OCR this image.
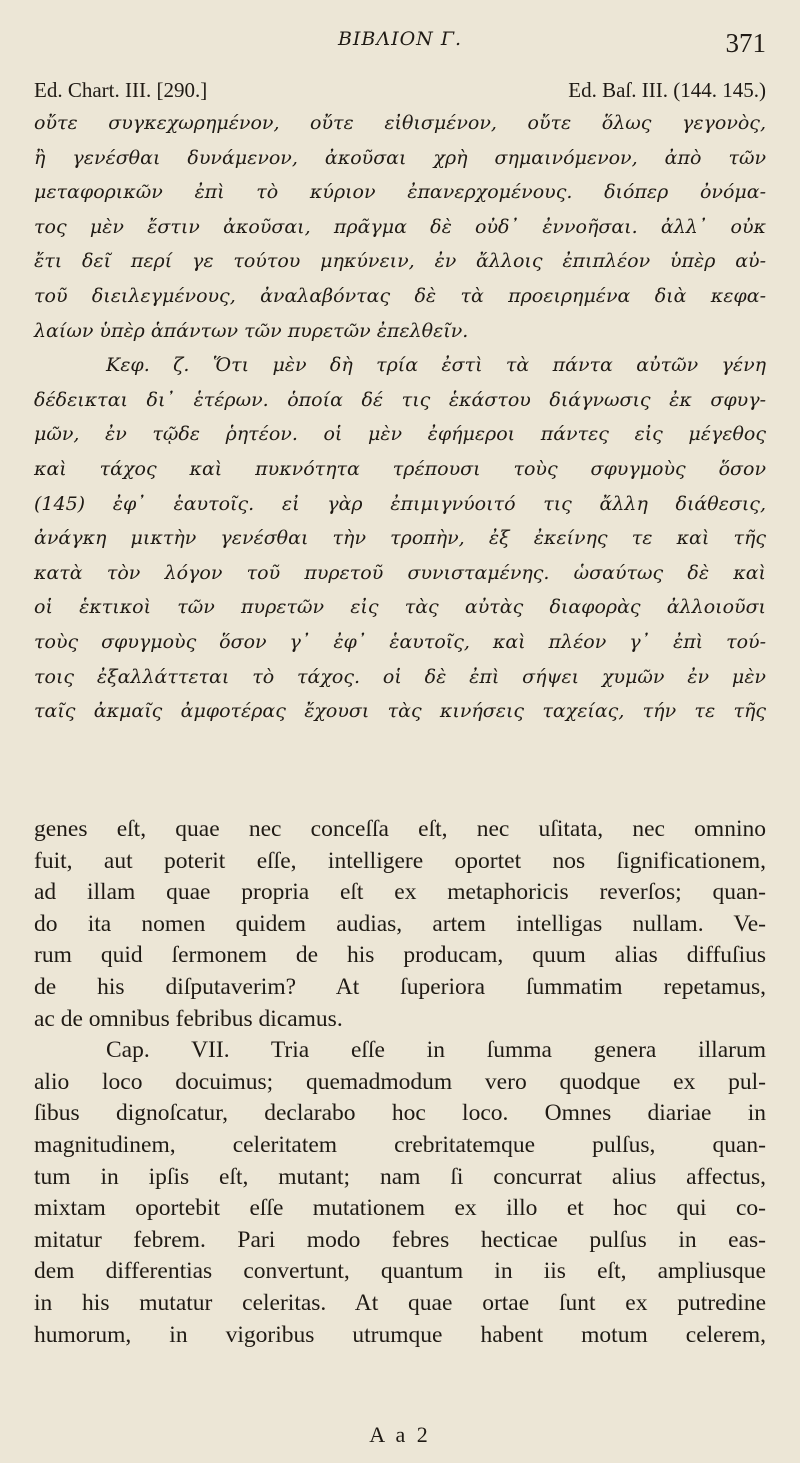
ΒΙΒΛΙΟΝ Γ.	371
Ed. Chart. III. [290.]	Ed. Baſ. III. (144. 145.)
οὔτε συγκεχωρημένον, οὔτε εἰθισμένον, οὔτε ὅλως γεγονὸς,
ἢ γενέσθαι δυνάμενον, ἀκοῦσαι χρὴ σημαινόμενον, ἀπὸ τῶν
μεταφορικῶν ἐπὶ τὸ κύριον ἐπανερχομένους. διόπερ ὀνόμα-
τος μὲν ἔστιν ἀκοῦσαι, πρᾶγμα δὲ οὐδ᾽ ἐννοῆσαι. ἀλλ᾽ οὐκ
ἔτι δεῖ περί γε τούτου μηκύνειν, ἐν ἄλλοις ἐπιπλέον ὑπὲρ αὐ-
τοῦ διειλεγμένους, ἀναλαβόντας δὲ τὰ προειρημένα διὰ κεφα-
λαίων ὑπὲρ ἁπάντων τῶν πυρετῶν ἐπελθεῖν.
Κεφ. ζ. Ὅτι μὲν δὴ τρία ἐστὶ τὰ πάντα αὐτῶν γένη
δέδεικται δι᾽ ἑτέρων. ὁποία δέ τις ἑκάστου διάγνωσις ἐκ σφυγ-
μῶν, ἐν τῷδε ῥητέον. οἱ μὲν ἐφήμεροι πάντες εἰς μέγεθος
καὶ τάχος καὶ πυκνότητα τρέπουσι τοὺς σφυγμοὺς ὅσον
(145) ἐφ᾽ ἑαυτοῖς. εἰ γὰρ ἐπιμιγνύοιτό τις ἄλλη διάθεσις,
ἀνάγκη μικτὴν γενέσθαι τὴν τροπὴν, ἐξ ἐκείνης τε καὶ τῆς
κατὰ τὸν λόγον τοῦ πυρετοῦ συνισταμένης. ὡσαύτως δὲ καὶ
οἱ ἑκτικοὶ τῶν πυρετῶν εἰς τὰς αὐτὰς διαφορὰς ἀλλοιοῦσι
τοὺς σφυγμοὺς ὅσον γ᾽ ἐφ᾽ ἑαυτοῖς, καὶ πλέον γ᾽ ἐπὶ τού-
τοις ἐξαλλάττεται τὸ τάχος. οἱ δὲ ἐπὶ σήψει χυμῶν ἐν μὲν
ταῖς ἀκμαῖς ἀμφοτέρας ἔχουσι τὰς κινήσεις ταχείας, τήν τε τῆς
genes eſt, quae nec conceſſa eſt, nec uſitata, nec omnino
fuit, aut poterit eſſe, intelligere oportet nos ſignificationem,
ad illam quae propria eſt ex metaphoricis reverſos; quan-
do ita nomen quidem audias, artem intelligas nullam. Ve-
rum quid ſermonem de his producam, quum alias diffuſius
de his diſputaverim? At ſuperiora ſummatim repetamus,
ac de omnibus febribus dicamus.
Cap. VII. Tria eſſe in ſumma genera illarum
alio loco docuimus; quemadmodum vero quodque ex pul-
ſibus dignoſcatur, declarabo hoc loco. Omnes diariae in
magnitudinem, celeritatem crebritatemque pulſus, quan-
tum in ipſis eſt, mutant; nam ſi concurrat alius affectus,
mixtam oportebit eſſe mutationem ex illo et hoc qui co-
mitatur febrem. Pari modo febres hecticae pulſus in eas-
dem differentias convertunt, quantum in iis eſt, ampliusque
in his mutatur celeritas. At quae ortae ſunt ex putredine
humorum, in vigoribus utrumque habent motum celerem,
A a 2
